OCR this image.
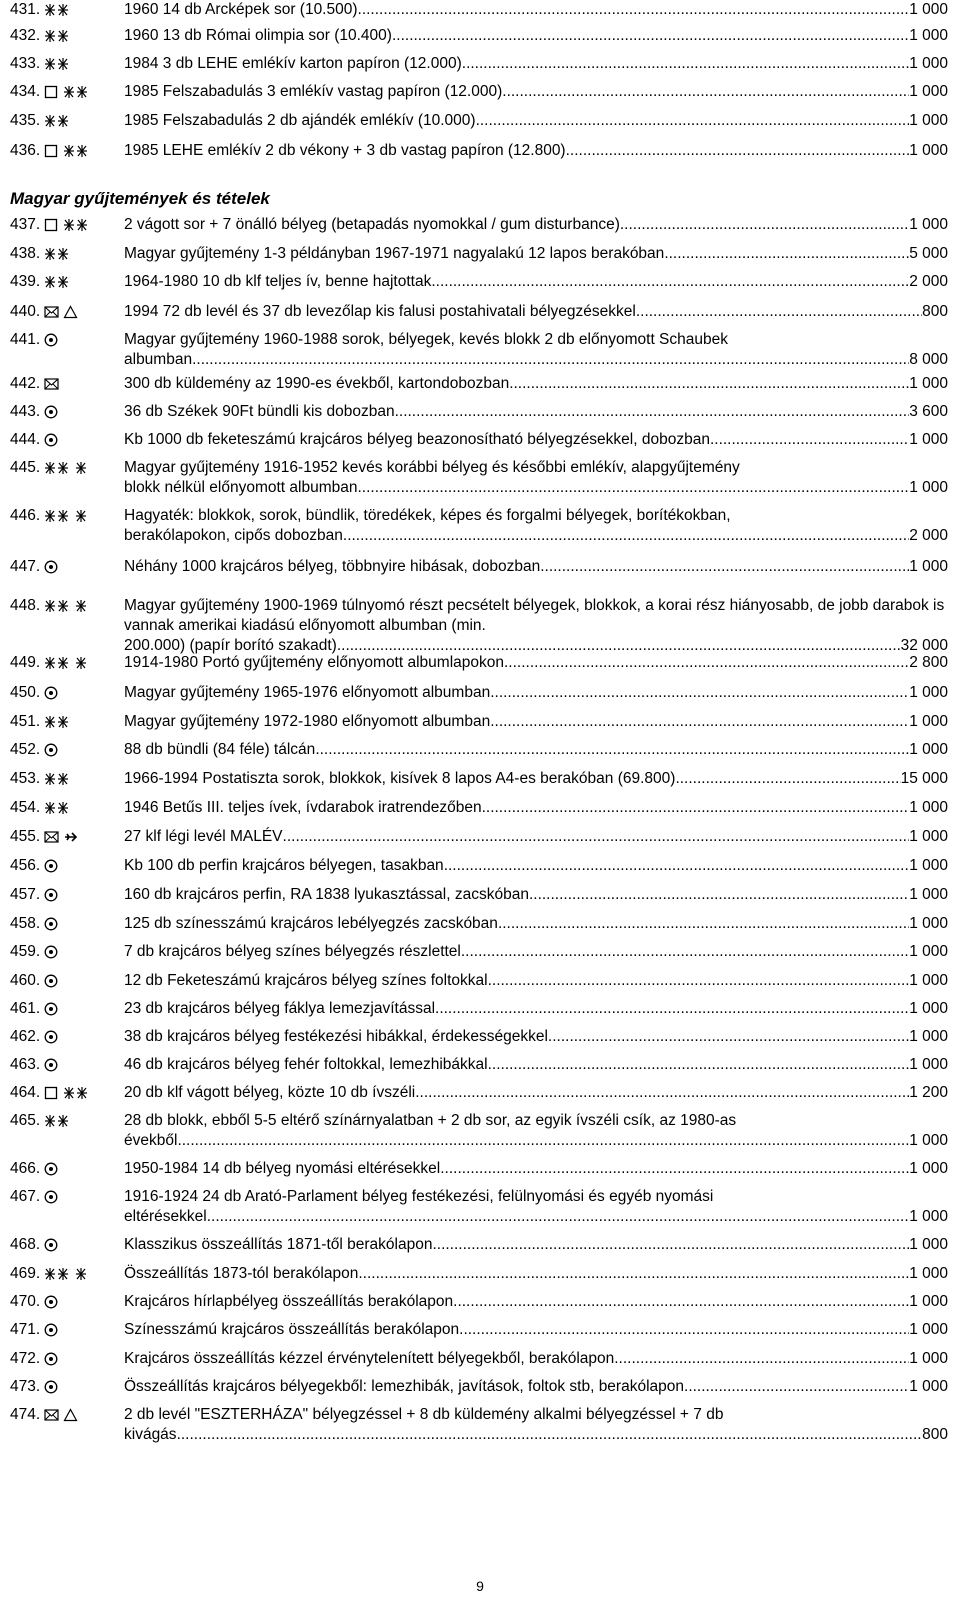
431.	1960 14 db Arcképek sor (10.500) .....	1 000
432.	1960 13 db Római olimpia sor (10.400) .....	1 000
433.	1984 3 db LEHE emlékív karton papíron (12.000) .....	1 000
434.	1985 Felszabadulás 3 emlékív vastag papíron (12.000) .....	1 000
435.	1985 Felszabadulás 2 db ajándék emlékív (10.000) .....	1 000
436.	1985 LEHE emlékív 2 db vékony + 3 db vastag papíron (12.800) .....	1 000
Magyar gyűjtemények és tételek
437.	2 vágott sor + 7 önálló bélyeg (betapadás nyomokkal / gum disturbance) .....	1 000
438.	Magyar gyűjtemény 1-3 példányban 1967-1971 nagyalakú 12 lapos berakóban .....	5 000
439.	1964-1980 10 db klf teljes ív, benne hajtottak .....	2 000
440.	1994 72 db levél és 37 db levezőlap kis falusi postahivatali bélyegzésekkel .....	800
441.	Magyar gyűjtemény 1960-1988 sorok, bélyegek, kevés blokk 2 db előnyomott Schaubek
albumban .....	8 000
442.	300 db küldemény az 1990-es évekből, kartondobozban .....	1 000
443.	36 db Székek 90Ft bündli kis dobozban .....	3 600
444.	Kb 1000 db feketeszámú krajcáros bélyeg beazonosítható bélyegzésekkel, dobozban .....	1 000
445.	Magyar gyűjtemény 1916-1952 kevés korábbi bélyeg és későbbi emlékív, alapgyűjtemény
blokk nélkül előnyomott albumban .....	1 000
446.	Hagyaték: blokkok, sorok, bündlik, töredékek, képes és forgalmi bélyegek, borítékokban,
berakólapokon, cipős dobozban .....	2 000
447.	Néhány 1000 krajcáros bélyeg, többnyire hibásak, dobozban .....	1 000
448.	Magyar gyűjtemény 1900-1969 túlnyomó részt pecsételt bélyegek, blokkok, a korai rész hiányosabb, de jobb darabok is vannak amerikai kiadású előnyomott albumban (min.
200.000) (papír borító szakadt) .....	32 000
449.	1914-1980 Portó gyűjtemény előnyomott albumlapokon .....	2 800
450.	Magyar gyűjtemény 1965-1976 előnyomott albumban .....	1 000
451.	Magyar gyűjtemény 1972-1980 előnyomott albumban .....	1 000
452.	88 db bündli (84 féle) tálcán .....	1 000
453.	1966-1994 Postatiszta sorok, blokkok, kisívek 8 lapos A4-es berakóban (69.800) .....	15 000
454.	1946 Betűs III. teljes ívek, ívdarabok iratrendezőben .....	1 000
455.	27 klf légi levél MALÉV .....	1 000
456.	Kb 100 db perfin krajcáros bélyegen, tasakban .....	1 000
457.	160 db krajcáros perfin, RA 1838 lyukasztással, zacskóban .....	1 000
458.	125 db színesszámú krajcáros lebélyegzés zacskóban .....	1 000
459.	7 db krajcáros bélyeg színes bélyegzés részlettel .....	1 000
460.	12 db Feketeszámú krajcáros bélyeg színes foltokkal .....	1 000
461.	23 db krajcáros bélyeg fáklya lemezjavítással .....	1 000
462.	38 db krajcáros bélyeg festékezési hibákkal, érdekességekkel .....	1 000
463.	46 db krajcáros bélyeg fehér foltokkal, lemezhibákkal .....	1 000
464.	20 db klf vágott bélyeg, közte 10 db ívszéli .....	1 200
465.	28 db blokk, ebből 5-5 eltérő színárnyalatban + 2 db sor, az egyik ívszéli csík, az 1980-as
évekből .....	1 000
466.	1950-1984 14 db bélyeg nyomási eltérésekkel .....	1 000
467.	1916-1924 24 db Arató-Parlament bélyeg festékezési, felülnyomási és egyéb nyomási
eltérésekkel .....	1 000
468.	Klasszikus összeállítás 1871-től berakólapon .....	1 000
469.	Összeállítás 1873-tól berakólapon .....	1 000
470.	Krajcáros hírlapbélyeg összeállítás berakólapon .....	1 000
471.	Színesszámú krajcáros összeállítás berakólapon .....	1 000
472.	Krajcáros összeállítás kézzel érvénytelenített bélyegekből, berakólapon .....	1 000
473.	Összeállítás krajcáros bélyegekből: lemezhibák, javítások, foltok stb, berakólapon .....	1 000
474.	2 db levél "ESZTERHÁZA" bélyegzéssel + 8 db küldemény alkalmi bélyegzéssel + 7 db
kivágás .....	800
9
